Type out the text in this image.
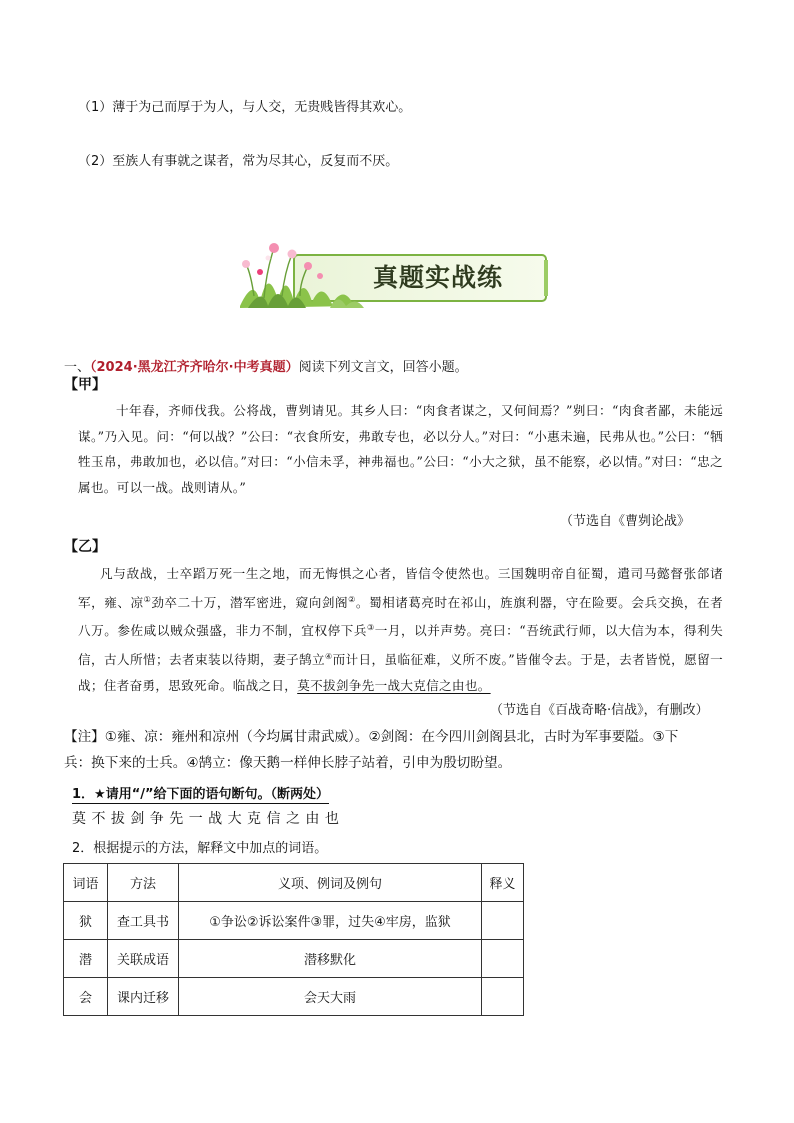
（1）薄于为己而厚于为人，与人交，无贵贱皆得其欢心。
（2）至族人有事就之谋者，常为尽其心，反复而不厌。
真题实战练
一、（2024·黑龙江齐齐哈尔·中考真题）阅读下列文言文，回答小题。
【甲】
十年春，齐师伐我。公将战，曹刿请见。其乡人曰：“肉食者谋之，又何间焉？”刿曰：“肉食者鄙，未能远谋。”乃入见。问：“何以战？”公曰：“衣食所安，弗敢专也，必以分人。”对曰：“小惠未遍，民弗从也。”公曰：“牺牲玉帛，弗敢加也，必以信。”对曰：“小信未孚，神弗福也。”公曰：“小大之狱，虽不能察，必以情。”对曰：“忠之属也。可以一战。战则请从。”
（节选自《曹刿论战》
【乙】
凡与敌战，士卒蹈万死一生之地，而无悔惧之心者，皆信令使然也。三国魏明帝自征蜀，遣司马懿督张郃诸军，雍、凉①劲卒二十万，潜军密进，窥向剑阁②。蜀相诸葛亮时在祁山，旌旗利器，守在险要。会兵交换，在者八万。参佐咸以贼众强盛，非力不制，宜权停下兵③一月，以并声势。亮曰：“吾统武行师，以大信为本，得利失信，古人所惜；去者束装以待期，妻子鹄立④而计日，虽临征难，义所不废。”皆催令去。于是，去者皆悦，愿留一战；住者奋勇，思致死命。临战之日，莫不拔剑争先一战大克信之由也。
（节选自《百战奇略·信战》，有删改）
【注】①雍、凉：雍州和凉州（今均属甘肃武威）。②剑阁：在今四川剑阁县北，古时为军事要隘。③下
兵：换下来的士兵。④鹄立：像天鹅一样伸长脖子站着，引申为殷切盼望。
1．★请用“/”给下面的语句断句。（断两处）
莫 不 拔 剑 争 先 一 战 大 克 信 之 由 也
2．根据提示的方法，解释文中加点的词语。
词语	方法	义项、例词及例句	释义
狱	查工具书	①争讼②诉讼案件③罪，过失④牢房，监狱	
潜	关联成语	潜移默化	
会	课内迁移	会天大雨	
